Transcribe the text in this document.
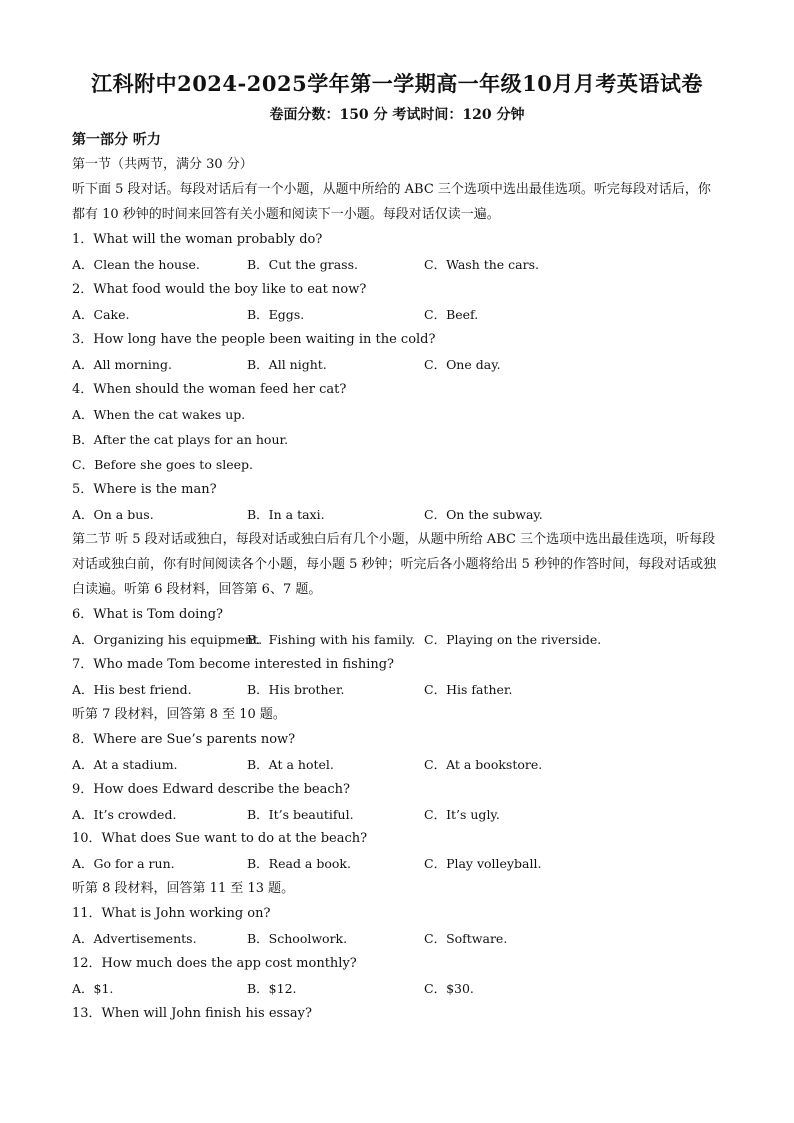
江科附中2024-2025学年第一学期高一年级10月月考英语试卷
卷面分数：150 分 考试时间：120 分钟
第一部分 听力
第一节（共两节，满分 30 分）
听下面 5 段对话。每段对话后有一个小题，从题中所给的 ABC 三个选项中选出最佳选项。听完每段对话后，你都有 10 秒钟的时间来回答有关小题和阅读下一小题。每段对话仅读一遍。
1．What will the woman probably do?
A．Clean the house.	B．Cut the grass.	C．Wash the cars.
2．What food would the boy like to eat now?
A．Cake.	B．Eggs.	C．Beef.
3．How long have the people been waiting in the cold?
A．All morning.	B．All night.	C．One day.
4．When should the woman feed her cat?
A．When the cat wakes up.
B．After the cat plays for an hour.
C．Before she goes to sleep.
5．Where is the man?
A．On a bus.	B．In a taxi.	C．On the subway.
第二节 听 5 段对话或独白，每段对话或独白后有几个小题，从题中所给 ABC 三个选项中选出最佳选项，听每段对话或独白前，你有时间阅读各个小题，每小题 5 秒钟；听完后各小题将给出 5 秒钟的作答时间，每段对话或独白读遍。听第 6 段材料，回答第 6、7 题。
6．What is Tom doing?
A．Organizing his equipment.
B．Fishing with his family. C．Playing on the riverside.
7．Who made Tom become interested in fishing?
A．His best friend.	B．His brother.	C．His father.
听第 7 段材料，回答第 8 至 10 题。
8．Where are Sue’s parents now?
A．At a stadium.	B．At a hotel.	C．At a bookstore.
9．How does Edward describe the beach?
A．It’s crowded.	B．It’s beautiful.	C．It’s ugly.
10．What does Sue want to do at the beach?
A．Go for a run.	B．Read a book.	C．Play volleyball.
听第 8 段材料，回答第 11 至 13 题。
11．What is John working on?
A．Advertisements.	B．Schoolwork.	C．Software.
12．How much does the app cost monthly?
A．$1.	B．$12.	C．$30.
13．When will John finish his essay?
